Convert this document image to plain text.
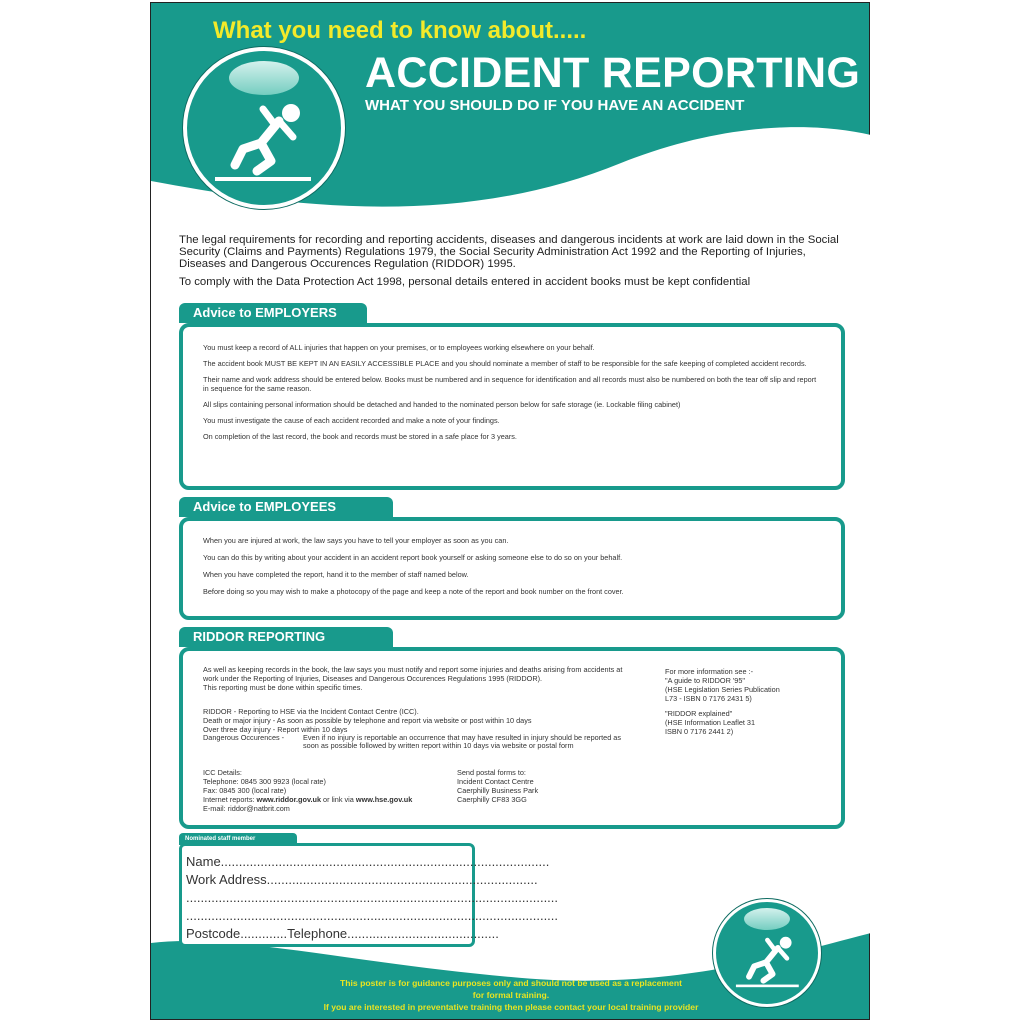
What you need to know about.....
ACCIDENT REPORTING
WHAT YOU SHOULD DO IF YOU HAVE AN ACCIDENT

The legal requirements for recording and reporting accidents, diseases and dangerous incidents at work are laid down in the Social Security (Claims and Payments) Regulations 1979, the Social Security Administration Act 1992 and the Reporting of Injuries, Diseases and Dangerous Occurences Regulation (RIDDOR) 1995.

To comply with the Data Protection Act 1998, personal details entered in accident books must be kept confidential

Advice to EMPLOYERS

You must keep a record of ALL injuries that happen on your premises, or to employees working elsewhere on your behalf.

The accident book MUST BE KEPT IN AN EASILY ACCESSIBLE PLACE and you should nominate a member of staff to be responsible for the safe keeping of completed accident records.

Their name and work address should be entered below. Books must be numbered and in sequence for identification and all records must also be numbered on both the tear off slip and report in sequence for the same reason.

All slips containing personal information should be detached and handed to the nominated person below for safe storage (ie. Lockable filing cabinet)

You must investigate the cause of each accident recorded and make a note of your findings.

On completion of the last record, the book and records must be stored in a safe place for 3 years.

Advice to EMPLOYEES

When you are injured at work, the law says you have to tell your employer as soon as you can.

You can do this by writing about your accident in an accident report book yourself or asking someone else to do so on your behalf.

When you have completed the report, hand it to the member of staff named below.

Before doing so you may wish to make a photocopy of the page and keep a note of the report and book number on the front cover.

RIDDOR REPORTING

As well as keeping records in the book, the law says you must notify and report some injuries and deaths arising from accidents at work under the Reporting of Injuries, Diseases and Dangerous Occurences Regulations 1995 (RIDDOR).

This reporting must be done within specific times.

RIDDOR - Reporting to HSE via the Incident Contact Centre (ICC).

Death or major injury - As soon as possible by telephone and report via website or post within 10 days

Over three day injury - Report within 10 days

Dangerous Occurences -	Even if no injury is reportable an occurrence that may have resulted in injury should be reported as soon as possible followed by written report within 10 days via website or postal form

ICC Details:

Telephone: 0845 300 9923 (local rate)

Fax: 0845 300 (local rate)

Internet reports: www.riddor.gov.uk or link via www.hse.gov.uk

E-mail: riddor@natbrit.com

Send postal forms to:

Incident Contact Centre

Caerphilly Business Park

Caerphilly CF83 3GG

For more information see :-

"A guide to RIDDOR '95"

(HSE Legislation Series Publication

L73 - ISBN 0 7176 2431 5)

"RIDDOR explained"

(HSE Information Leaflet 31

ISBN 0 7176 2441 2)

Nominated staff member
Name...........................................................................................
Work Address...........................................................................
.......................................................................................................
.......................................................................................................
Postcode.............Telephone..........................................
This poster is for guidance purposes only and should not be used as a replacement
for formal training.
If you are interested in preventative training then please contact your local training provider
